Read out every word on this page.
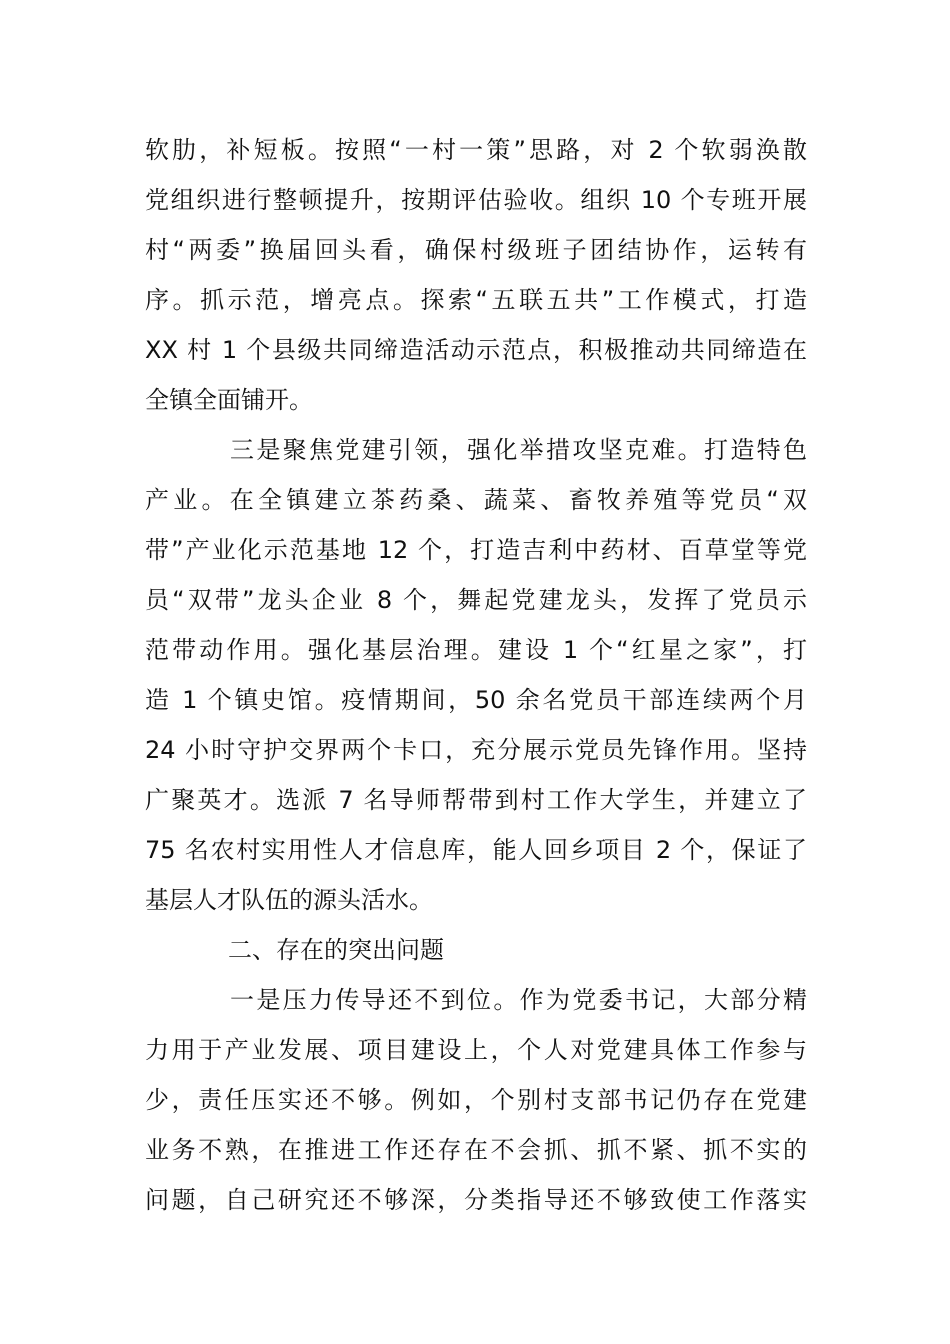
软肋，补短板。按照“一村一策”思路，对 2 个软弱涣散
党组织进行整顿提升，按期评估验收。组织 10 个专班开展
村“两委”换届回头看，确保村级班子团结协作，运转有
序。抓示范，增亮点。探索“五联五共”工作模式，打造
XX 村 1 个县级共同缔造活动示范点，积极推动共同缔造在
全镇全面铺开。
三是聚焦党建引领，强化举措攻坚克难。打造特色
产业。在全镇建立茶药桑、蔬菜、畜牧养殖等党员“双
带”产业化示范基地 12 个，打造吉利中药材、百草堂等党
员“双带”龙头企业 8 个，舞起党建龙头，发挥了党员示
范带动作用。强化基层治理。建设 1 个“红星之家”，打
造 1 个镇史馆。疫情期间，50 余名党员干部连续两个月
24 小时守护交界两个卡口，充分展示党员先锋作用。坚持
广聚英才。选派 7 名导师帮带到村工作大学生，并建立了
75 名农村实用性人才信息库，能人回乡项目 2 个，保证了
基层人才队伍的源头活水。
二、存在的突出问题
一是压力传导还不到位。作为党委书记，大部分精
力用于产业发展、项目建设上，个人对党建具体工作参与
少，责任压实还不够。例如，个别村支部书记仍存在党建
业务不熟，在推进工作还存在不会抓、抓不紧、抓不实的
问题，自己研究还不够深，分类指导还不够致使工作落实
